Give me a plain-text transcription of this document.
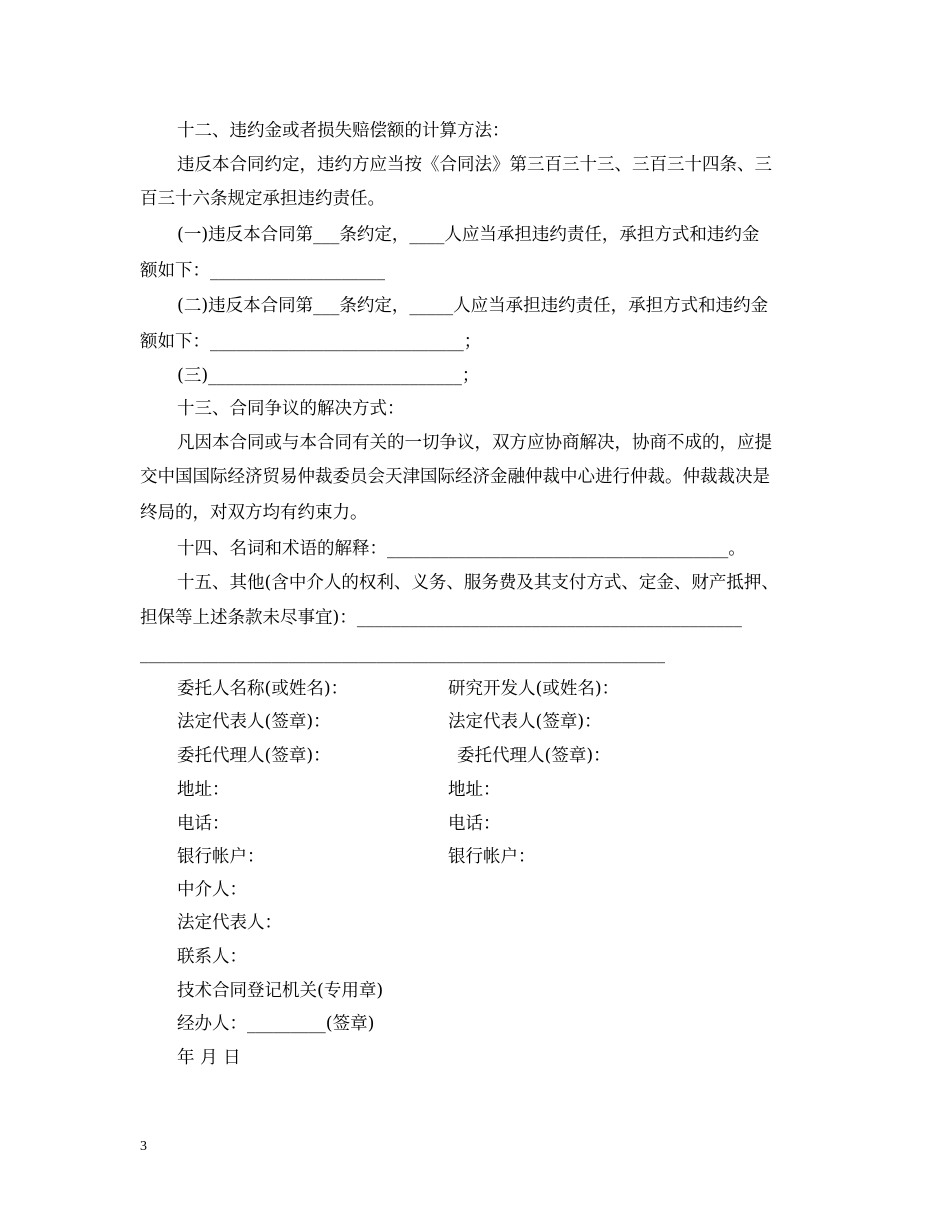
十二、违约金或者损失赔偿额的计算方法：

违反本合同约定，违约方应当按《合同法》第三百三十三、三百三十四条、三

百三十六条规定承担违约责任。

(一)违反本合同第___条约定，____人应当承担违约责任，承担方式和违约金

额如下：____________________

(二)违反本合同第___条约定，_____人应当承担违约责任，承担方式和违约金

额如下：_____________________________；

(三)_____________________________；

十三、合同争议的解决方式：

凡因本合同或与本合同有关的一切争议，双方应协商解决，协商不成的，应提

交中国国际经济贸易仲裁委员会天津国际经济金融仲裁中心进行仲裁。仲裁裁决是

终局的，对双方均有约束力。

十四、名词和术语的解释：_______________________________________。

十五、其他(含中介人的权利、义务、服务费及其支付方式、定金、财产抵押、

担保等上述条款未尽事宜)：____________________________________________

____________________________________________________________

委托人名称(或姓名)：
法定代表人(签章)：
委托代理人(签章)：
地址：
电话：
银行帐户：
研究开发人(或姓名)：
法定代表人(签章)：
委托代理人(签章)：
地址：
电话：
银行帐户：
中介人：
法定代表人：
联系人：
技术合同登记机关(专用章)
经办人：_________(签章)
年 月 日
3
